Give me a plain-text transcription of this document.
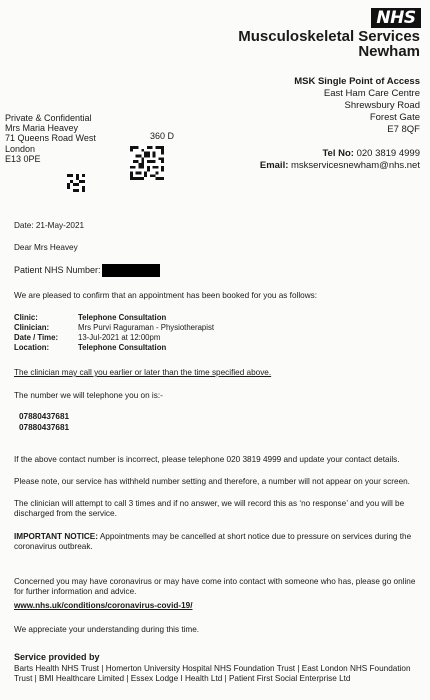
NHS
Musculoskeletal Services
Newham
MSK Single Point of Access
East Ham Care Centre
Shrewsbury Road
Forest Gate
E7 8QF
Tel No: 020 3819 4999
Email: mskservicesnewham@nhs.net
Private & Confidential
Mrs Maria Heavey
71 Queens Road West
London
E13 0PE
360 D
Date: 21-May-2021
Dear Mrs Heavey
Patient NHS Number:
We are pleased to confirm that an appointment has been booked for you as follows:
Clinic:	Telephone Consultation
Clinician:	Mrs Purvi Raguraman - Physiotherapist
Date / Time:	13-Jul-2021 at 12:00pm
Location:	Telephone Consultation
The clinician may call you earlier or later than the time specified above.
The number we will telephone you on is:-
07880437681
07880437681
If the above contact number is incorrect, please telephone 020 3819 4999 and update your contact details.
Please note, our service has withheld number setting and therefore, a number will not appear on your screen.
The clinician will attempt to call 3 times and if no answer, we will record this as ‘no response’ and you will be discharged from the service.
IMPORTANT NOTICE: Appointments may be cancelled at short notice due to pressure on services during the coronavirus outbreak.
Concerned you may have coronavirus or may have come into contact with someone who has, please go online for further information and advice.
www.nhs.uk/conditions/coronavirus-covid-19/
We appreciate your understanding during this time.
Service provided by
Barts Health NHS Trust | Homerton University Hospital NHS Foundation Trust | East London NHS Foundation Trust | BMI Healthcare Limited | Essex Lodge I Health Ltd | Patient First Social Enterprise Ltd
